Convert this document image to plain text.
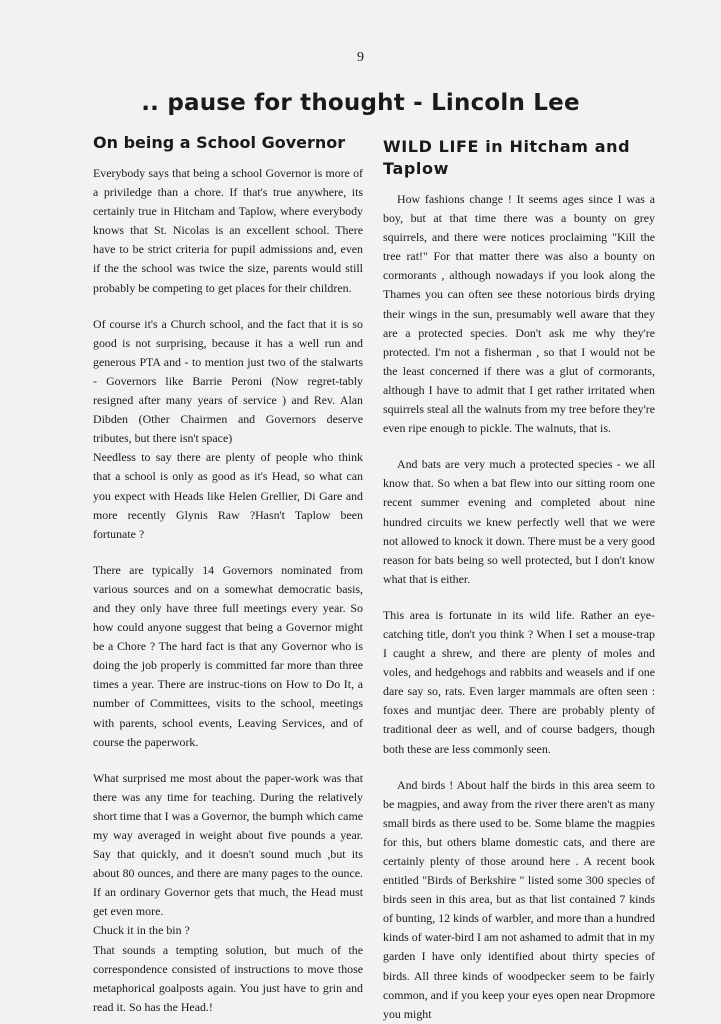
9
.. pause for thought - Lincoln Lee
On being a School Governor

Everybody says that being a school Governor is more of a priviledge than a chore. If that's true anywhere, its certainly true in Hitcham and Taplow, where everybody knows that St. Nicolas is an excellent school. There have to be strict criteria for pupil admissions and, even if the the school was twice the size, parents would still probably be competing to get places for their children.

Of course it's a Church school, and the fact that it is so good is not surprising, because it has a well run and generous PTA and - to mention just two of the stalwarts - Governors like Barrie Peroni (Now regret-tably resigned after many years of service ) and Rev. Alan Dibden (Other Chairmen and Governors deserve tributes, but there isn't space)

Needless to say there are plenty of people who think that a school is only as good as it's Head, so what can you expect with Heads like Helen Grellier, Di Gare and more recently Glynis Raw ?Hasn't Taplow been fortunate ?

There are typically 14 Governors nominated from various sources and on a somewhat democratic basis, and they only have three full meetings every year. So how could anyone suggest that being a Governor might be a Chore ? The hard fact is that any Governor who is doing the job properly is committed far more than three times a year. There are instruc-tions on How to Do It, a number of Committees, visits to the school, meetings with parents, school events, Leaving Services, and of course the paperwork.

What surprised me most about the paper-work was that there was any time for teaching. During the relatively short time that I was a Governor, the bumph which came my way averaged in weight about five pounds a year. Say that quickly, and it doesn't sound much ,but its about 80 ounces, and there are many pages to the ounce. If an ordinary Governor gets that much, the Head must get even more.

Chuck it in the bin ?

That sounds a tempting solution, but much of the correspondence consisted of instructions to move those metaphorical goalposts again. You just have to grin and read it. So has the Head.!

WILD LIFE in Hitcham and Taplow

How fashions change ! It seems ages since I was a boy, but at that time there was a bounty on grey squirrels, and there were notices proclaiming "Kill the tree rat!" For that matter there was also a bounty on cormorants , although nowadays if you look along the Thames you can often see these notorious birds drying their wings in the sun, presumably well aware that they are a protected species. Don't ask me why they're protected. I'm not a fisherman , so that I would not be the least concerned if there was a glut of cormorants, although I have to admit that I get rather irritated when squirrels steal all the walnuts from my tree before they're even ripe enough to pickle. The walnuts, that is.

And bats are very much a protected species - we all know that. So when a bat flew into our sitting room one recent summer evening and completed about nine hundred circuits we knew perfectly well that we were not allowed to knock it down. There must be a very good reason for bats being so well protected, but I don't know what that is either.

This area is fortunate in its wild life. Rather an eye-catching title, don't you think ? When I set a mouse-trap I caught a shrew, and there are plenty of moles and voles, and hedgehogs and rabbits and weasels and if one dare say so, rats. Even larger mammals are often seen : foxes and muntjac deer. There are probably plenty of traditional deer as well, and of course badgers, though both these are less commonly seen.

And birds ! About half the birds in this area seem to be magpies, and away from the river there aren't as many small birds as there used to be. Some blame the magpies for this, but others blame domestic cats, and there are certainly plenty of those around here . A recent book entitled "Birds of Berkshire " listed some 300 species of birds seen in this area, but as that list contained 7 kinds of bunting, 12 kinds of warbler, and more than a hundred kinds of water-bird I am not ashamed to admit that in my garden I have only identified about thirty species of birds. All three kinds of woodpecker seem to be fairly common, and if you keep your eyes open near Dropmore you might
